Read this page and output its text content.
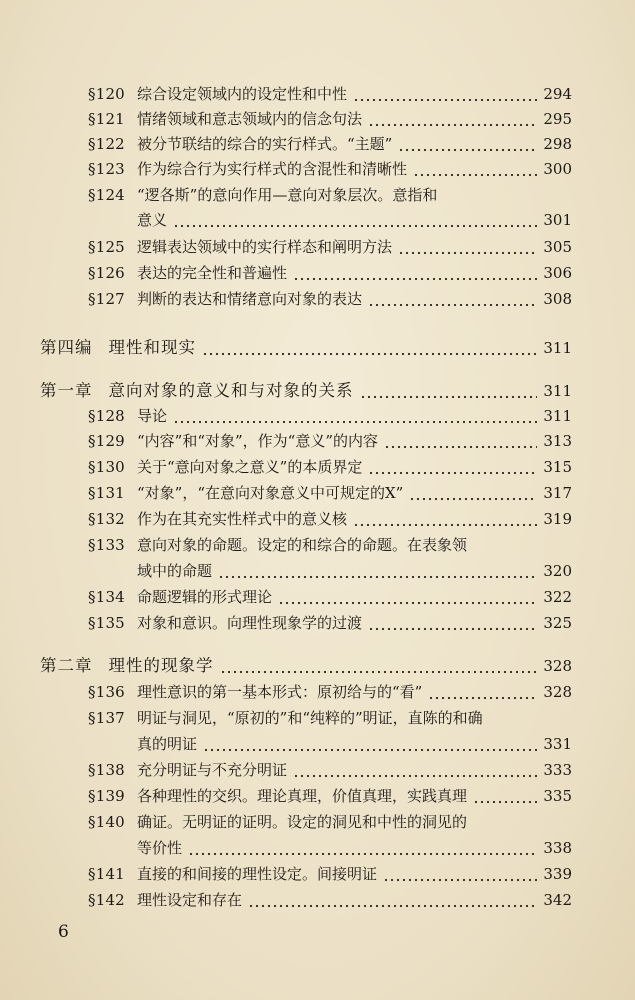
§120 综合设定领域内的设定性和中性	294
§121 情绪领域和意志领域内的信念句法	295
§122 被分节联结的综合的实行样式。“主题”	298
§123 作为综合行为实行样式的含混性和清晰性	300
§124 “逻各斯”的意向作用—意向对象层次。意指和
意义	301
§125 逻辑表达领域中的实行样态和阐明方法	305
§126 表达的完全性和普遍性	306
§127 判断的表达和情绪意向对象的表达	308
第四编 理性和现实	311
第一章 意向对象的意义和与对象的关系	311
§128 导论	311
§129 “内容”和“对象”，作为“意义”的内容	313
§130 关于“意向对象之意义”的本质界定	315
§131 “对象”，“在意向对象意义中可规定的X”	317
§132 作为在其充实性样式中的意义核	319
§133 意向对象的命题。设定的和综合的命题。在表象领
域中的命题	320
§134 命题逻辑的形式理论	322
§135 对象和意识。向理性现象学的过渡	325
第二章 理性的现象学	328
§136 理性意识的第一基本形式：原初给与的“看”	328
§137 明证与洞见，“原初的”和“纯粹的”明证，直陈的和确
真的明证	331
§138 充分明证与不充分明证	333
§139 各种理性的交织。理论真理，价值真理，实践真理	335
§140 确证。无明证的证明。设定的洞见和中性的洞见的
等价性	338
§141 直接的和间接的理性设定。间接明证	339
§142 理性设定和存在	342
6
